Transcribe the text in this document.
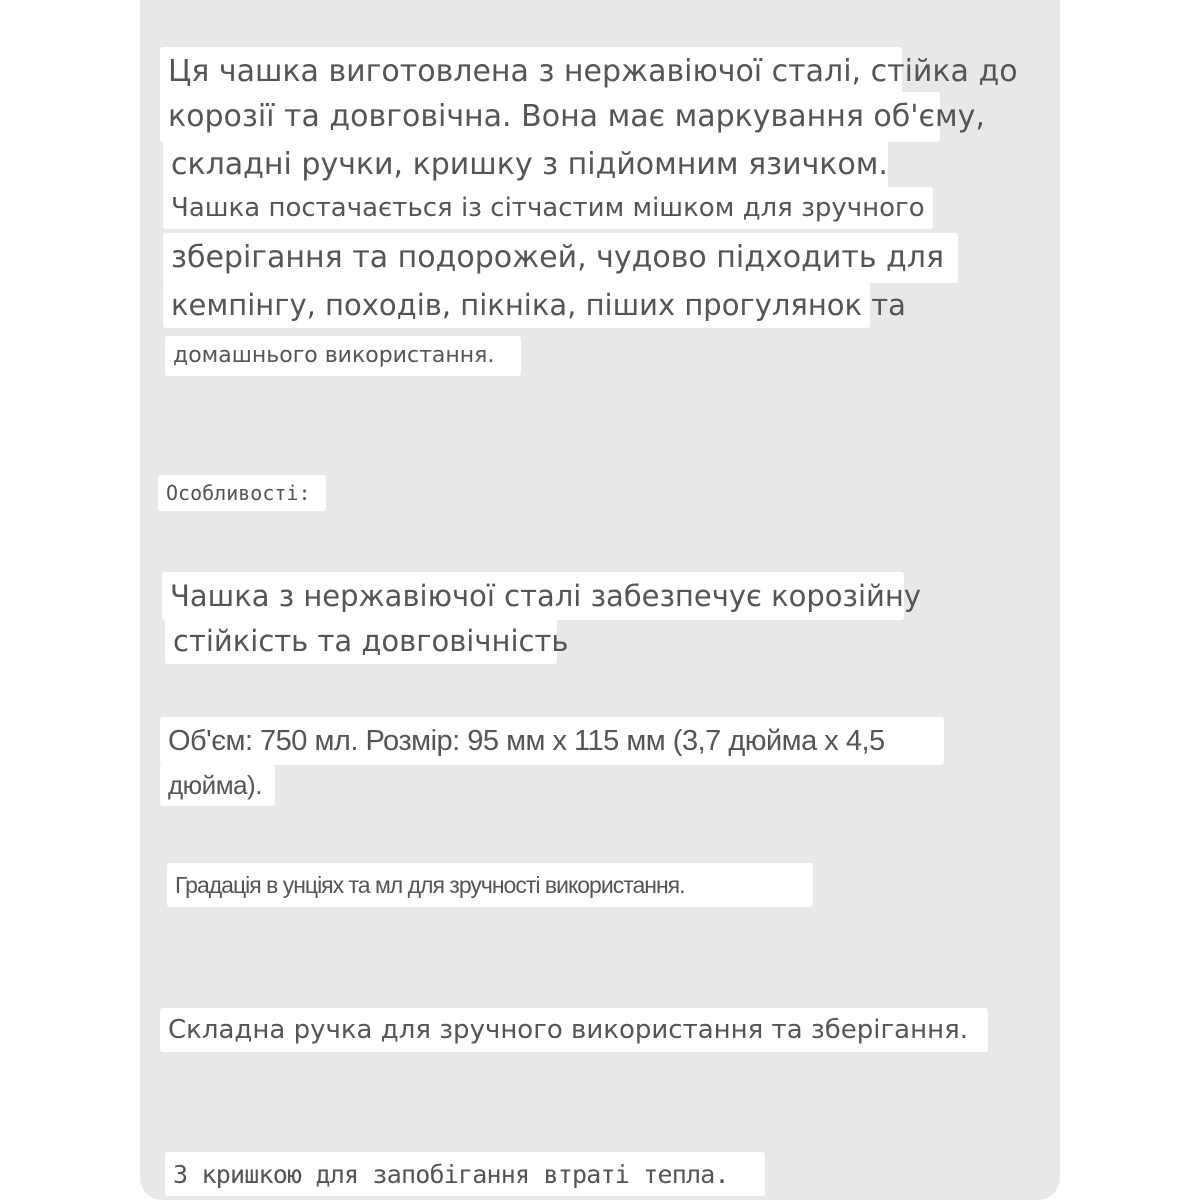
Ця чашка виготовлена з нержавіючої сталі, стійка до
корозії та довговічна. Вона має маркування об'єму,
складні ручки, кришку з підйомним язичком.
Чашка постачається із сітчастим мішком для зручного
зберігання та подорожей, чудово підходить для
кемпінгу, походів, пікніка, піших прогулянок та
домашнього використання.
Особливості:
Чашка з нержавіючої сталі забезпечує корозійну
стійкість та довговічність
Об'єм: 750 мл. Розмір: 95 мм x 115 мм (3,7 дюйма x 4,5
дюйма).
Градація в унціях та мл для зручності використання.
Складна ручка для зручного використання та зберігання.
З кришкою для запобігання втраті тепла.
